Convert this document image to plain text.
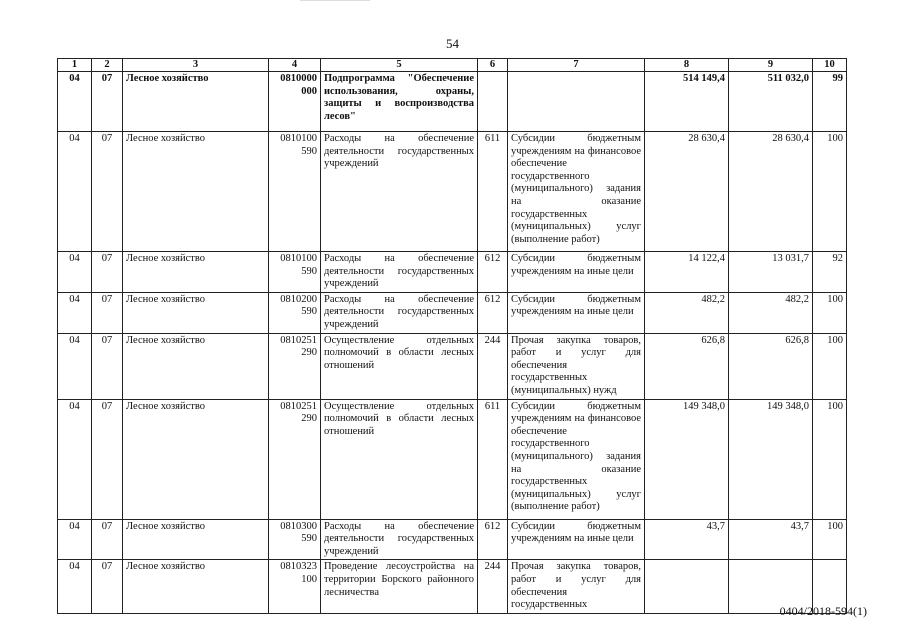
54
1	2	3	4	5	6	7	8	9	10
04	07	Лесное хозяйство	0810000 000	Подпрограмма "Обеспечение использования, охраны, защиты и воспроизводства лесов"			514 149,4	511 032,0	99
04	07	Лесное хозяйство	0810100 590	Расходы на обеспечение деятельности государственных учреждений	611	Субсидии бюджетным учреждениям на финансовое обеспечение государственного (муниципального) задания на оказание государственных (муниципальных) услуг (выполнение работ)	28 630,4	28 630,4	100
04	07	Лесное хозяйство	0810100 590	Расходы на обеспечение деятельности государственных учреждений	612	Субсидии бюджетным учреждениям на иные цели	14 122,4	13 031,7	92
04	07	Лесное хозяйство	0810200 590	Расходы на обеспечение деятельности государственных учреждений	612	Субсидии бюджетным учреждениям на иные цели	482,2	482,2	100
04	07	Лесное хозяйство	0810251 290	Осуществление отдельных полномочий в области лесных отношений	244	Прочая закупка товаров, работ и услуг для обеспечения государственных (муниципальных) нужд	626,8	626,8	100
04	07	Лесное хозяйство	0810251 290	Осуществление отдельных полномочий в области лесных отношений	611	Субсидии бюджетным учреждениям на финансовое обеспечение государственного (муниципального) задания на оказание государственных (муниципальных) услуг (выполнение работ)	149 348,0	149 348,0	100
04	07	Лесное хозяйство	0810300 590	Расходы на обеспечение деятельности государственных учреждений	612	Субсидии бюджетным учреждениям на иные цели	43,7	43,7	100
04	07	Лесное хозяйство	0810323 100	Проведение лесоустройства на территории Борского районного лесничества	244	Прочая закупка товаров, работ и услуг для обеспечения государственных				0404/2018-594(1)
